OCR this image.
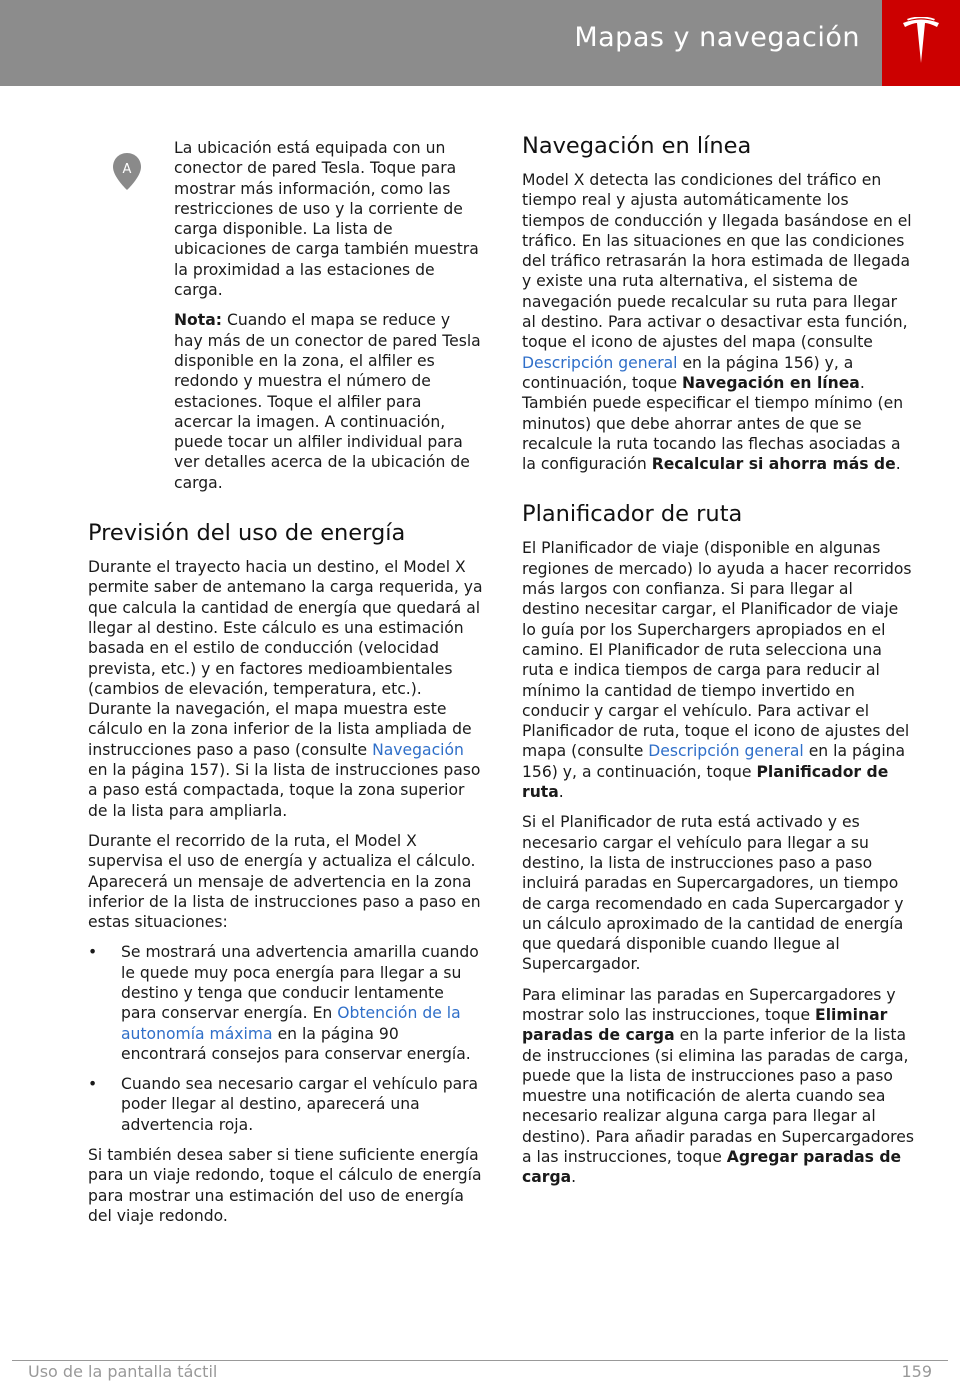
Mapas y navegación
A

La ubicación está equipada con un conector de pared Tesla. Toque para mostrar más información, como las restricciones de uso y la corriente de carga disponible. La lista de ubicaciones de carga también muestra la proximidad a las estaciones de carga.

Nota: Cuando el mapa se reduce y hay más de un conector de pared Tesla disponible en la zona, el alfiler es redondo y muestra el número de estaciones. Toque el alfiler para acercar la imagen. A continuación, puede tocar un alfiler individual para ver detalles acerca de la ubicación de carga.

Previsión del uso de energía

Durante el trayecto hacia un destino, el Model X permite saber de antemano la carga requerida, ya que calcula la cantidad de energía que quedará al llegar al destino. Este cálculo es una estimación basada en el estilo de conducción (velocidad prevista, etc.) y en factores medioambientales (cambios de elevación, temperatura, etc.). Durante la navegación, el mapa muestra este cálculo en la zona inferior de la lista ampliada de instrucciones paso a paso (consulte Navegación en la página 157). Si la lista de instrucciones paso a paso está compactada, toque la zona superior de la lista para ampliarla.

Durante el recorrido de la ruta, el Model X supervisa el uso de energía y actualiza el cálculo. Aparecerá un mensaje de advertencia en la zona inferior de la lista de instrucciones paso a paso en estas situaciones:

• Se mostrará una advertencia amarilla cuando le quede muy poca energía para llegar a su destino y tenga que conducir lentamente para conservar energía. En Obtención de la autonomía máxima en la página 90 encontrará consejos para conservar energía.
• Cuando sea necesario cargar el vehículo para poder llegar al destino, aparecerá una advertencia roja.

Si también desea saber si tiene suficiente energía para un viaje redondo, toque el cálculo de energía para mostrar una estimación del uso de energía del viaje redondo.

Navegación en línea

Model X detecta las condiciones del tráfico en tiempo real y ajusta automáticamente los tiempos de conducción y llegada basándose en el tráfico. En las situaciones en que las condiciones del tráfico retrasarán la hora estimada de llegada y existe una ruta alternativa, el sistema de navegación puede recalcular su ruta para llegar al destino. Para activar o desactivar esta función, toque el icono de ajustes del mapa (consulte Descripción general en la página 156) y, a continuación, toque Navegación en línea. También puede especificar el tiempo mínimo (en minutos) que debe ahorrar antes de que se recalcule la ruta tocando las flechas asociadas a la configuración Recalcular si ahorra más de.

Planificador de ruta

El Planificador de viaje (disponible en algunas regiones de mercado) lo ayuda a hacer recorridos más largos con confianza. Si para llegar al destino necesitar cargar, el Planificador de viaje lo guía por los Superchargers apropiados en el camino. El Planificador de ruta selecciona una ruta e indica tiempos de carga para reducir al mínimo la cantidad de tiempo invertido en conducir y cargar el vehículo. Para activar el Planificador de ruta, toque el icono de ajustes del mapa (consulte Descripción general en la página 156) y, a continuación, toque Planificador de ruta.

Si el Planificador de ruta está activado y es necesario cargar el vehículo para llegar a su destino, la lista de instrucciones paso a paso incluirá paradas en Supercargadores, un tiempo de carga recomendado en cada Supercargador y un cálculo aproximado de la cantidad de energía que quedará disponible cuando llegue al Supercargador.

Para eliminar las paradas en Supercargadores y mostrar solo las instrucciones, toque Eliminar paradas de carga en la parte inferior de la lista de instrucciones (si elimina las paradas de carga, puede que la lista de instrucciones paso a paso muestre una notificación de alerta cuando sea necesario realizar alguna carga para llegar al destino). Para añadir paradas en Supercargadores a las instrucciones, toque Agregar paradas de carga.

Uso de la pantalla táctil	159
